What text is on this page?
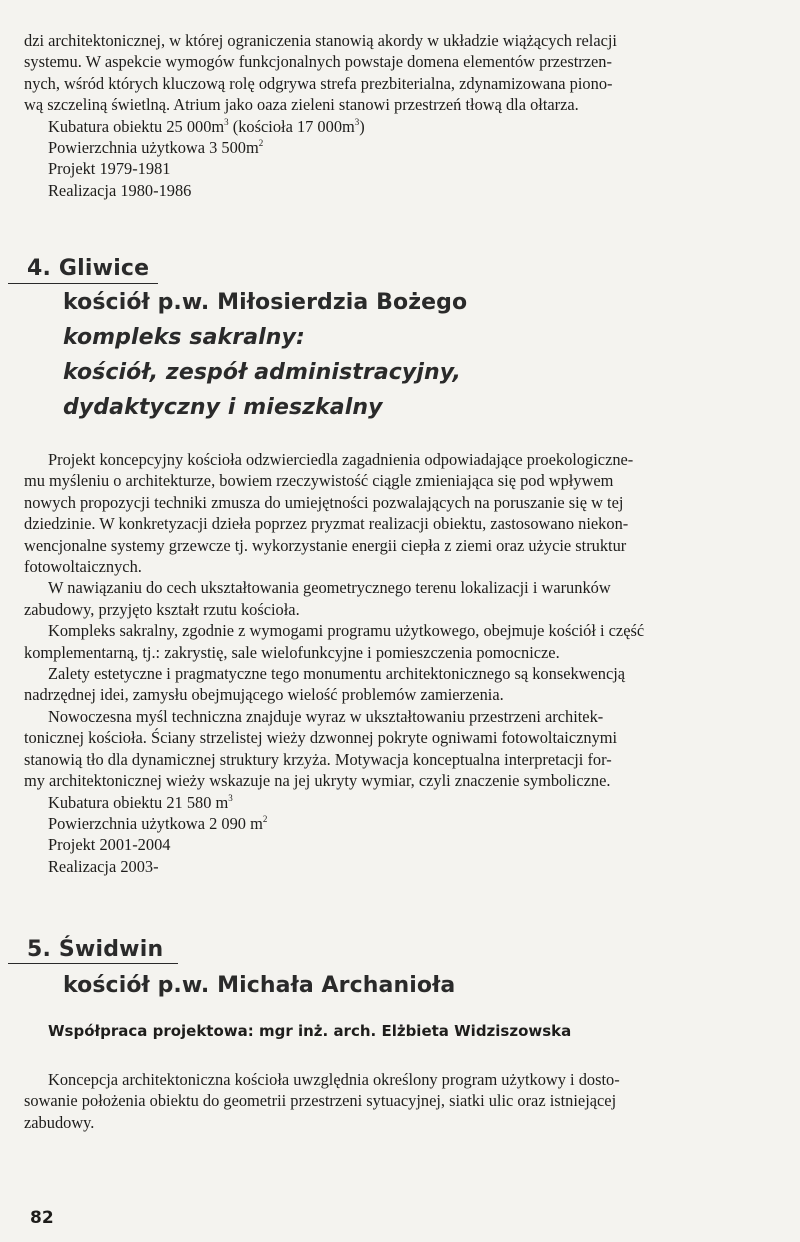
dzi architektonicznej, w której ograniczenia stanowią akordy w układzie wiążących relacji

systemu. W aspekcie wymogów funkcjonalnych powstaje domena elementów przestrzen-

nych, wśród których kluczową rolę odgrywa strefa prezbiterialna, zdynamizowana piono-

wą szczeliną świetlną. Atrium jako oaza zieleni stanowi przestrzeń tłową dla ołtarza.

Kubatura obiektu 25 $000m^3$ (kościoła 17 $000m^3$)

Powierzchnia użytkowa 3 $500m^2$

Projekt 1979-1981

Realizacja 1980-1986

4. Gliwice
kościół p.w. Miłosierdzia Bożego
kompleks sakralny:
kościół, zespół administracyjny,
dydaktyczny i mieszkalny

Projekt koncepcyjny kościoła odzwierciedla zagadnienia odpowiadające proekologiczne-

mu myśleniu o architekturze, bowiem rzeczywistość ciągle zmieniająca się pod wpływem

nowych propozycji techniki zmusza do umiejętności pozwalających na poruszanie się w tej

dziedzinie. W konkretyzacji dzieła poprzez pryzmat realizacji obiektu, zastosowano niekon-

wencjonalne systemy grzewcze tj. wykorzystanie energii ciepła z ziemi oraz użycie struktur

fotowoltaicznych.

W nawiązaniu do cech ukształtowania geometrycznego terenu lokalizacji i warunków

zabudowy, przyjęto kształt rzutu kościoła.

Kompleks sakralny, zgodnie z wymogami programu użytkowego, obejmuje kościół i część

komplementarną, tj.: zakrystię, sale wielofunkcyjne i pomieszczenia pomocnicze.

Zalety estetyczne i pragmatyczne tego monumentu architektonicznego są konsekwencją

nadrzędnej idei, zamysłu obejmującego wielość problemów zamierzenia.

Nowoczesna myśl techniczna znajduje wyraz w ukształtowaniu przestrzeni architek-

tonicznej kościoła. Ściany strzelistej wieży dzwonnej pokryte ogniwami fotowoltaicznymi

stanowią tło dla dynamicznej struktury krzyża. Motywacja konceptualna interpretacji for-

my architektonicznej wieży wskazuje na jej ukryty wymiar, czyli znaczenie symboliczne.

Kubatura obiektu 21 580 $m^3$

Powierzchnia użytkowa 2 090 $m^2$

Projekt 2001-2004

Realizacja 2003-

5. Świdwin
kościół p.w. Michała Archanioła
Współpraca projektowa: mgr inż. arch. Elżbieta Widziszowska

Koncepcja architektoniczna kościoła uwzględnia określony program użytkowy i dosto-

sowanie położenia obiektu do geometrii przestrzeni sytuacyjnej, siatki ulic oraz istniejącej

zabudowy.

82
